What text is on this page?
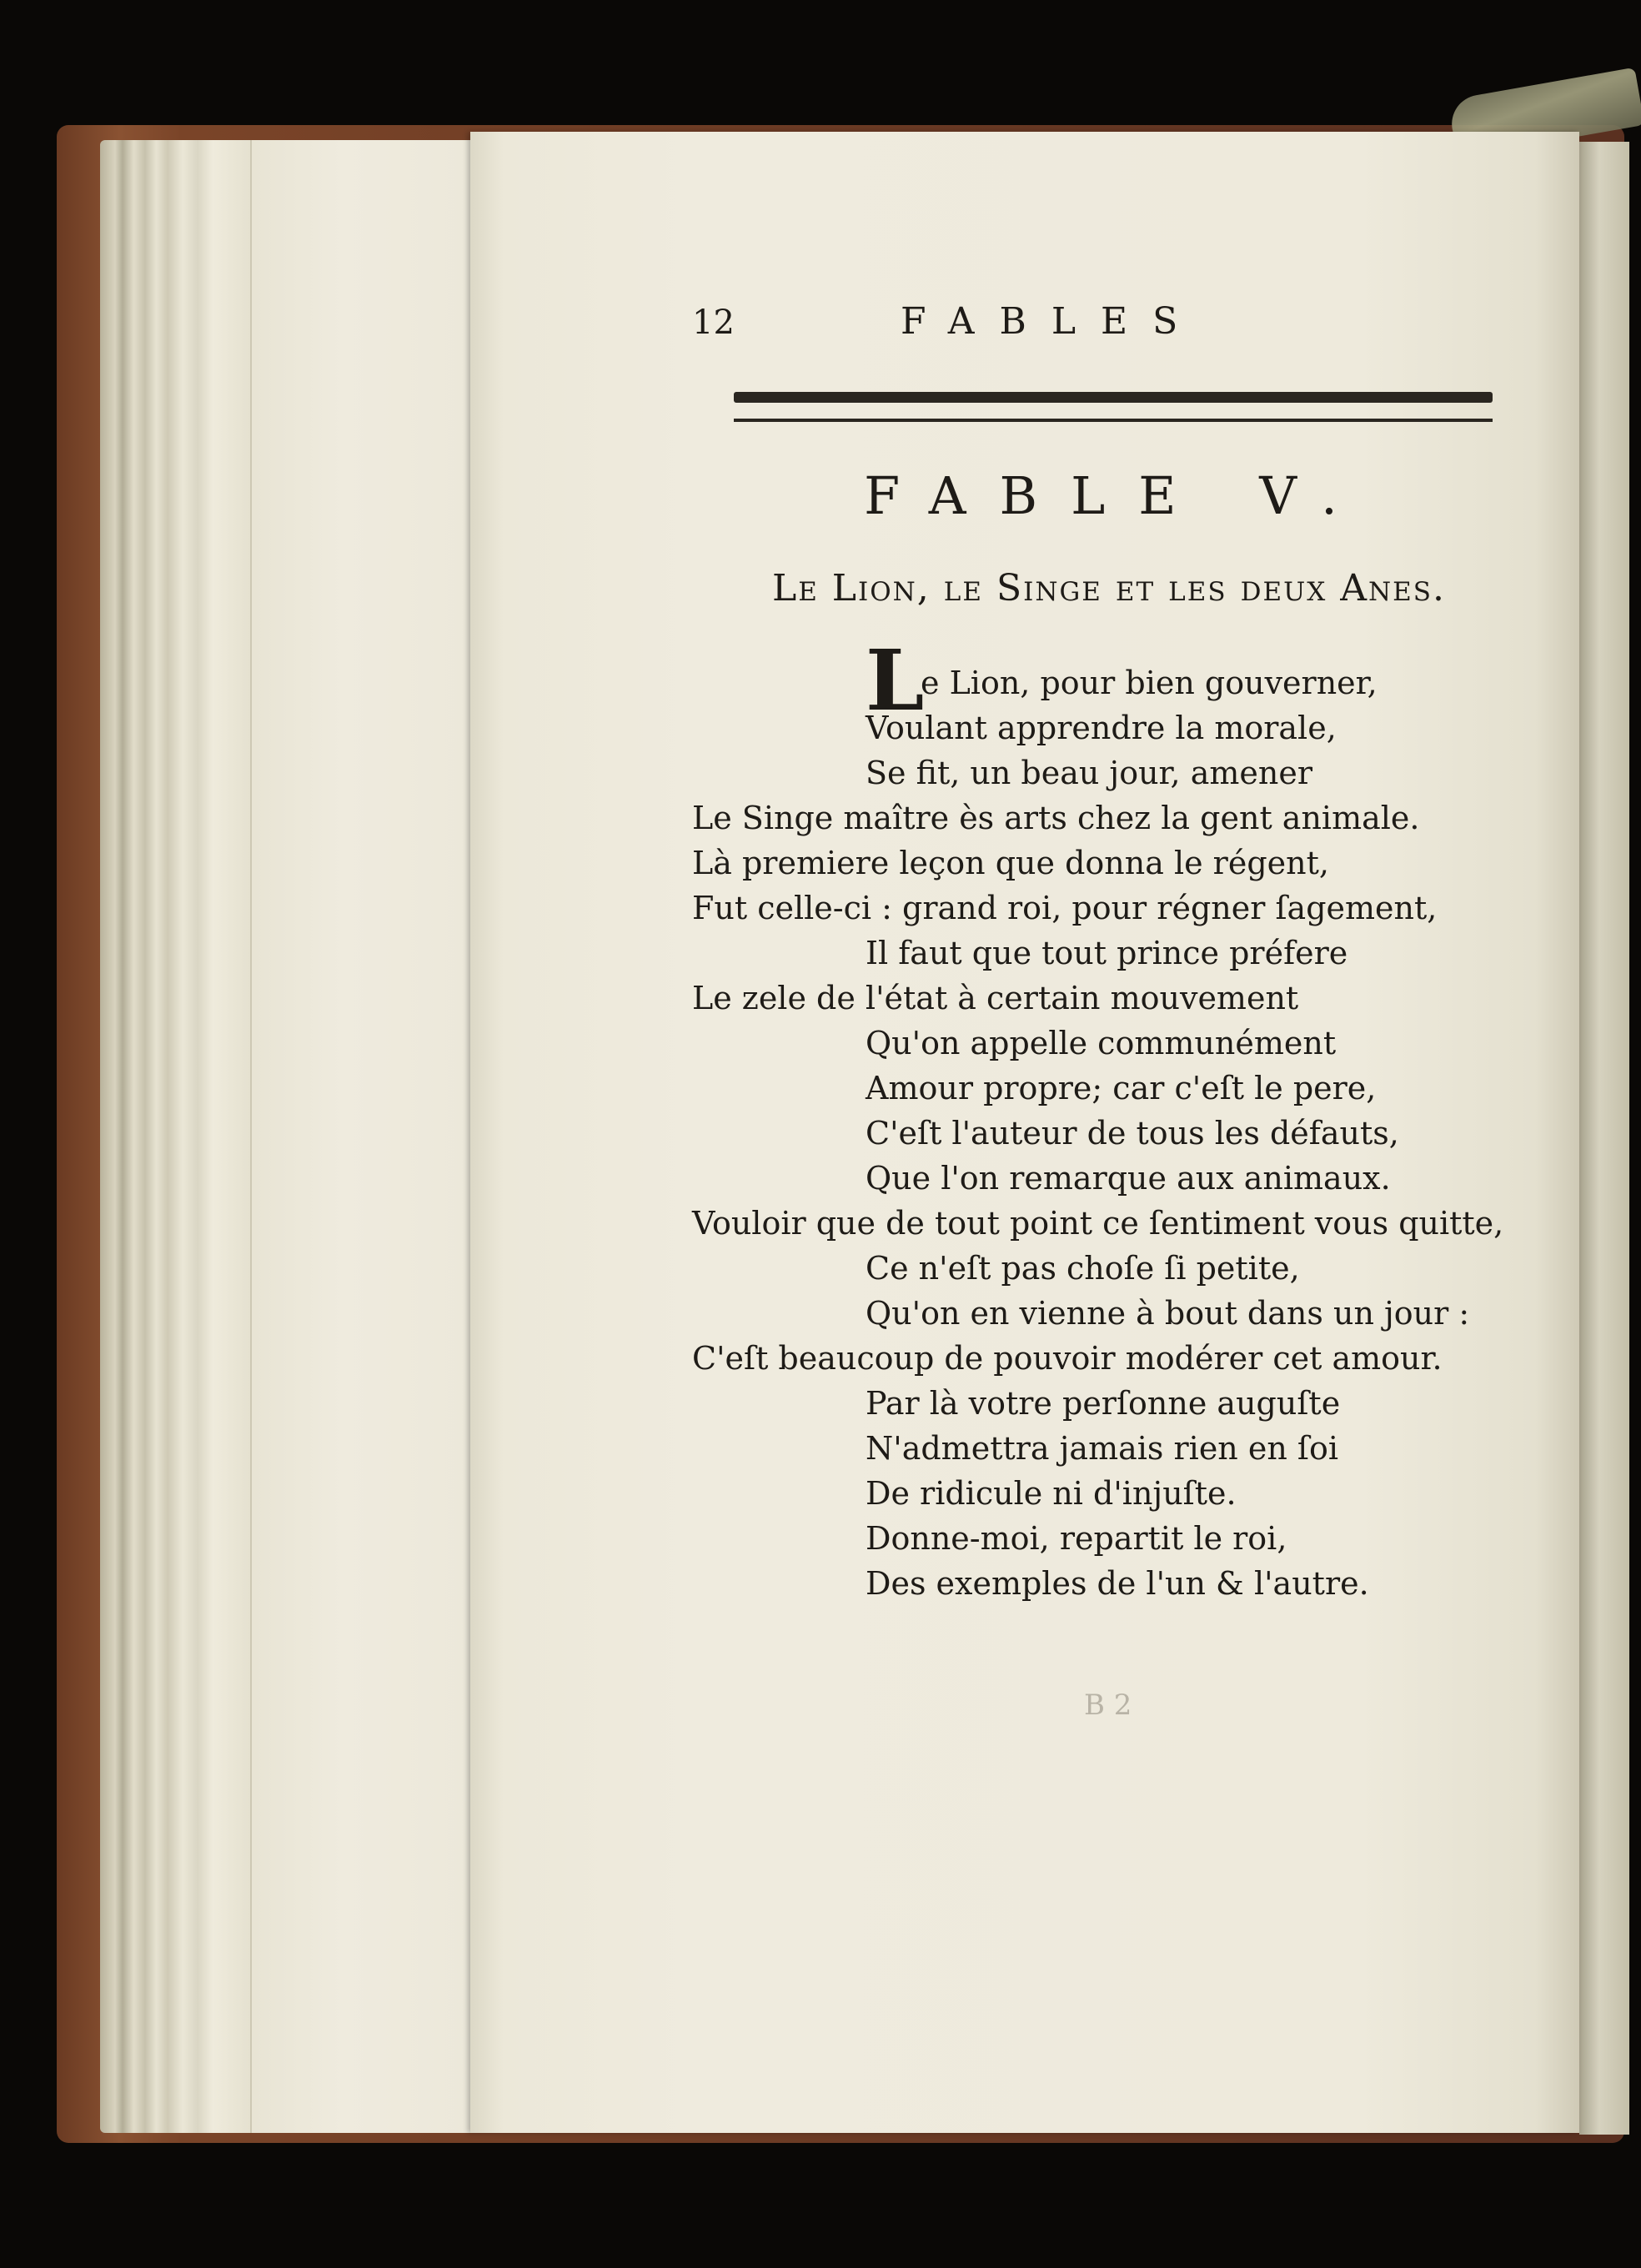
12	FABLES
FABLE V.
Le Lion, le Singe et les deux Anes.
L
e Lion, pour bien gouverner,
Voulant apprendre la morale,
Se fit, un beau jour, amener
Le Singe maître ès arts chez la gent animale.
Là premiere leçon que donna le régent,
Fut celle-ci : grand roi, pour régner ſagement,
Il faut que tout prince préfere
Le zele de l'état à certain mouvement
Qu'on appelle communément
Amour propre; car c'eſt le pere,
C'eſt l'auteur de tous les défauts,
Que l'on remarque aux animaux.
Vouloir que de tout point ce ſentiment vous quitte,
Ce n'eſt pas choſe ſi petite,
Qu'on en vienne à bout dans un jour :
C'eſt beaucoup de pouvoir modérer cet amour.
Par là votre perſonne auguſte
N'admettra jamais rien en ſoi
De ridicule ni d'injuſte.
Donne-moi, repartit le roi,
Des exemples de l'un & l'autre.
B 2
